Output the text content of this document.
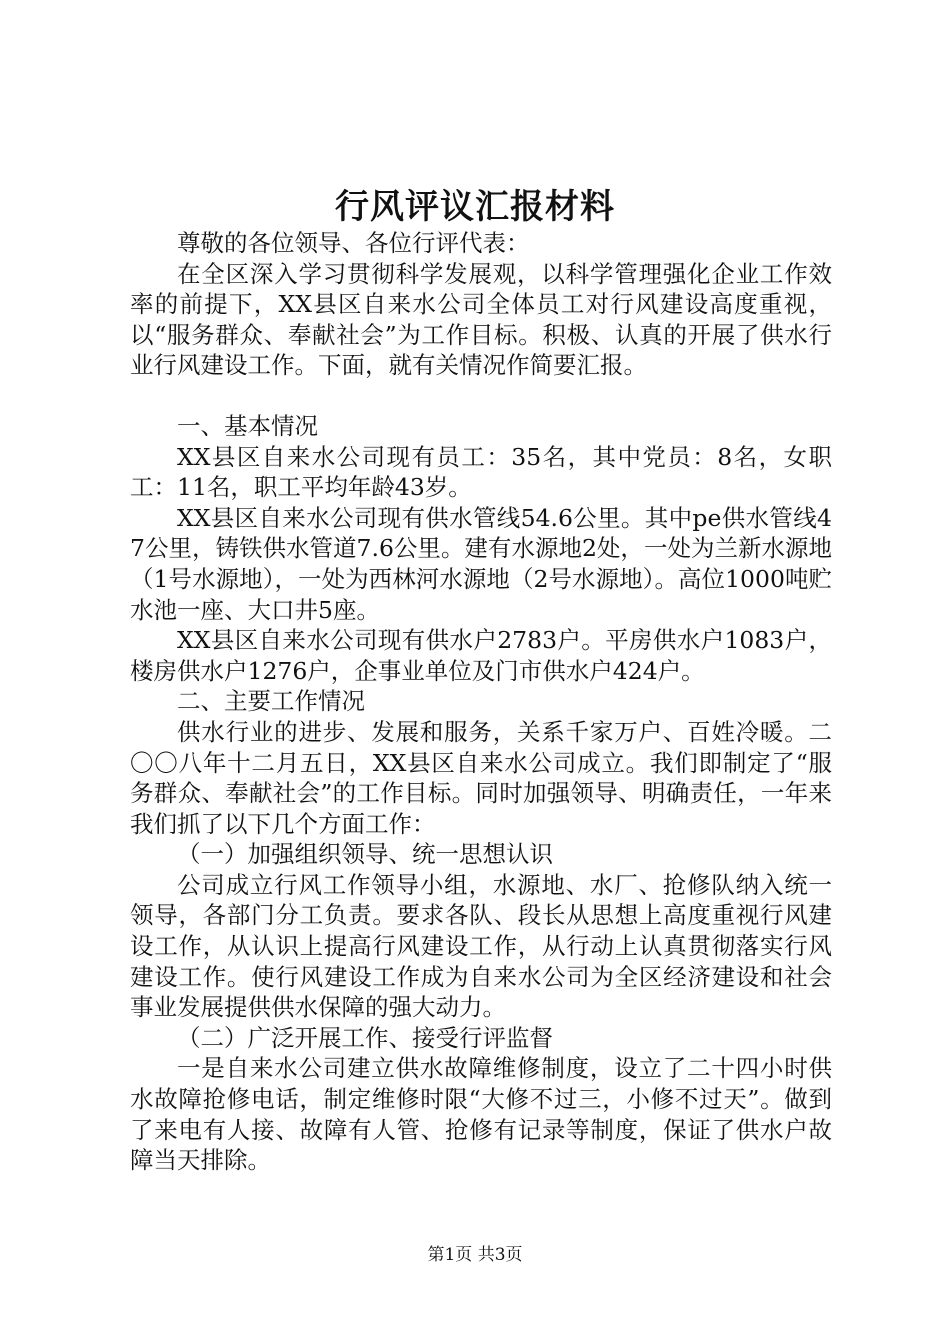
行风评议汇报材料

尊敬的各位领导、各位行评代表：

在全区深入学习贯彻科学发展观，以科学管理强化企业工作效率的前提下，XX县区自来水公司全体员工对行风建设高度重视，以“服务群众、奉献社会”为工作目标。积极、认真的开展了供水行业行风建设工作。下面，就有关情况作简要汇报。

一、基本情况

XX县区自来水公司现有员工：35名，其中党员：8名，女职工：11名，职工平均年龄43岁。

XX县区自来水公司现有供水管线54.6公里。其中pe供水管线47公里，铸铁供水管道7.6公里。建有水源地2处，一处为兰新水源地（1号水源地），一处为西林河水源地（2号水源地）。高位1000吨贮水池一座、大口井5座。

XX县区自来水公司现有供水户2783户。平房供水户1083户，楼房供水户1276户，企事业单位及门市供水户424户。

二、主要工作情况

供水行业的进步、发展和服务，关系千家万户、百姓冷暖。二〇〇八年十二月五日，XX县区自来水公司成立。我们即制定了“服务群众、奉献社会”的工作目标。同时加强领导、明确责任，一年来我们抓了以下几个方面工作：

（一）加强组织领导、统一思想认识

公司成立行风工作领导小组，水源地、水厂、抢修队纳入统一领导，各部门分工负责。要求各队、段长从思想上高度重视行风建设工作，从认识上提高行风建设工作，从行动上认真贯彻落实行风建设工作。使行风建设工作成为自来水公司为全区经济建设和社会事业发展提供供水保障的强大动力。

（二）广泛开展工作、接受行评监督

一是自来水公司建立供水故障维修制度，设立了二十四小时供水故障抢修电话，制定维修时限“大修不过三，小修不过天”。做到了来电有人接、故障有人管、抢修有记录等制度，保证了供水户故障当天排除。

第1页 共3页
